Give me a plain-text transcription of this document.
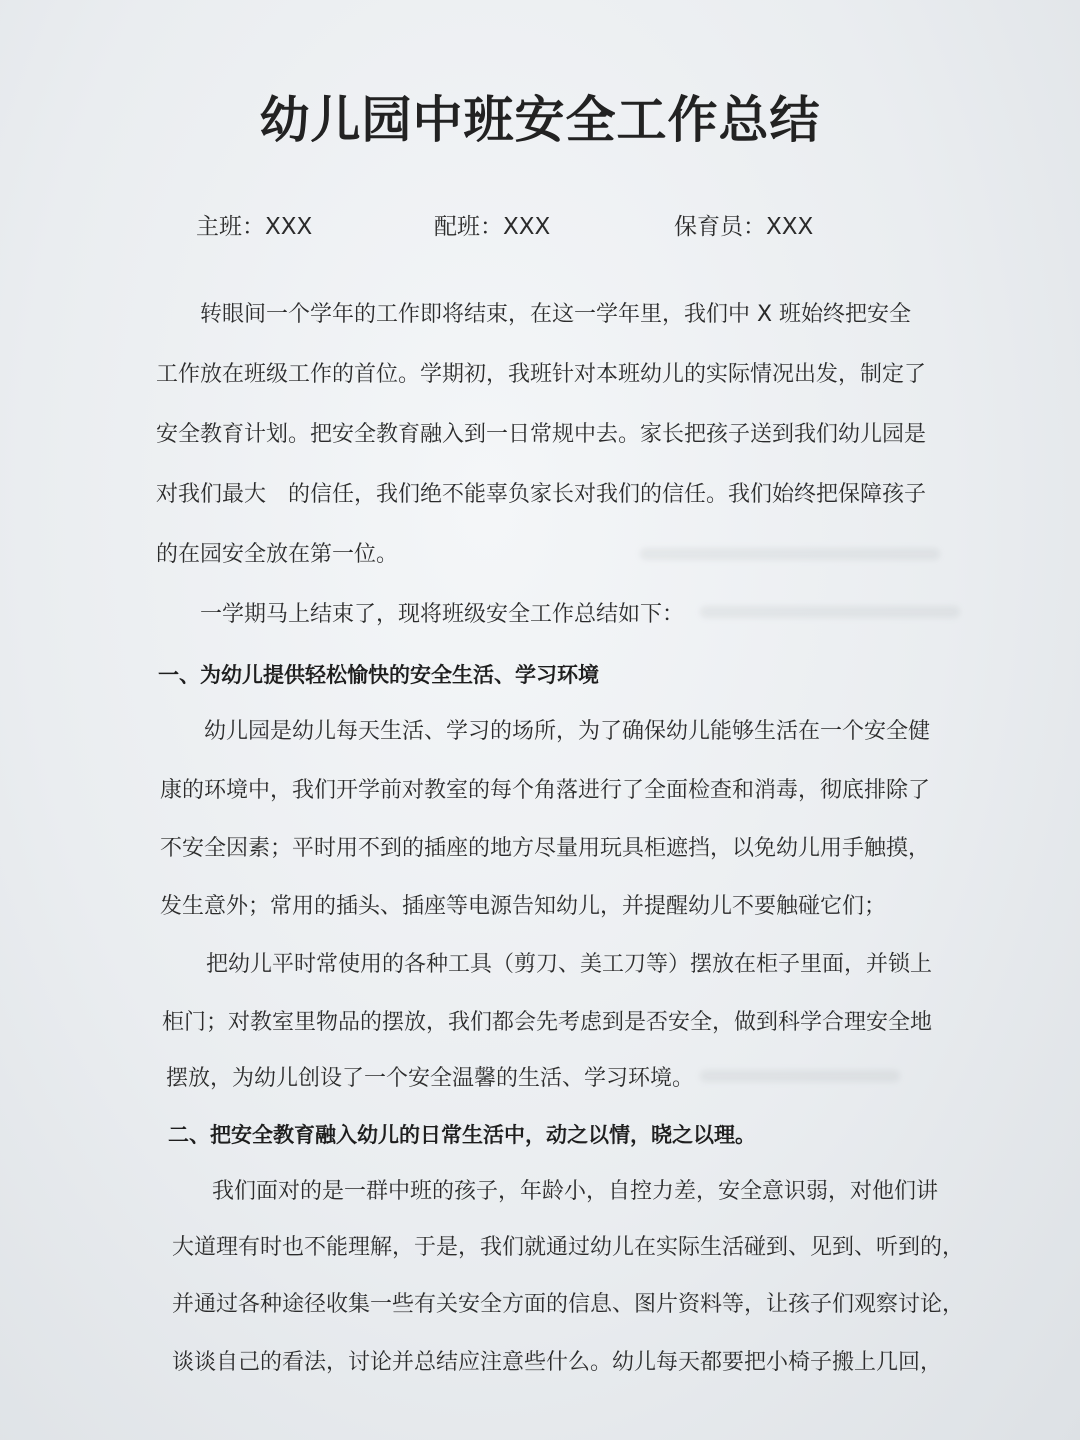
幼儿园中班安全工作总结
主班：XXX	配班：XXX	保育员：XXX
转眼间一个学年的工作即将结束，在这一学年里，我们中 X 班始终把安全
工作放在班级工作的首位。学期初，我班针对本班幼儿的实际情况出发，制定了
安全教育计划。把安全教育融入到一日常规中去。家长把孩子送到我们幼儿园是
对我们最大　的信任，我们绝不能辜负家长对我们的信任。我们始终把保障孩子
的在园安全放在第一位。
一学期马上结束了，现将班级安全工作总结如下：
一、为幼儿提供轻松愉快的安全生活、学习环境
幼儿园是幼儿每天生活、学习的场所，为了确保幼儿能够生活在一个安全健
康的环境中，我们开学前对教室的每个角落进行了全面检查和消毒，彻底排除了
不安全因素；平时用不到的插座的地方尽量用玩具柜遮挡，以免幼儿用手触摸，
发生意外；常用的插头、插座等电源告知幼儿，并提醒幼儿不要触碰它们；
把幼儿平时常使用的各种工具（剪刀、美工刀等）摆放在柜子里面，并锁上
柜门；对教室里物品的摆放，我们都会先考虑到是否安全，做到科学合理安全地
摆放，为幼儿创设了一个安全温馨的生活、学习环境。
二、把安全教育融入幼儿的日常生活中，动之以情，晓之以理。
我们面对的是一群中班的孩子，年龄小，自控力差，安全意识弱，对他们讲
大道理有时也不能理解，于是，我们就通过幼儿在实际生活碰到、见到、听到的，
并通过各种途径收集一些有关安全方面的信息、图片资料等，让孩子们观察讨论，
谈谈自己的看法，讨论并总结应注意些什么。幼儿每天都要把小椅子搬上几回，
